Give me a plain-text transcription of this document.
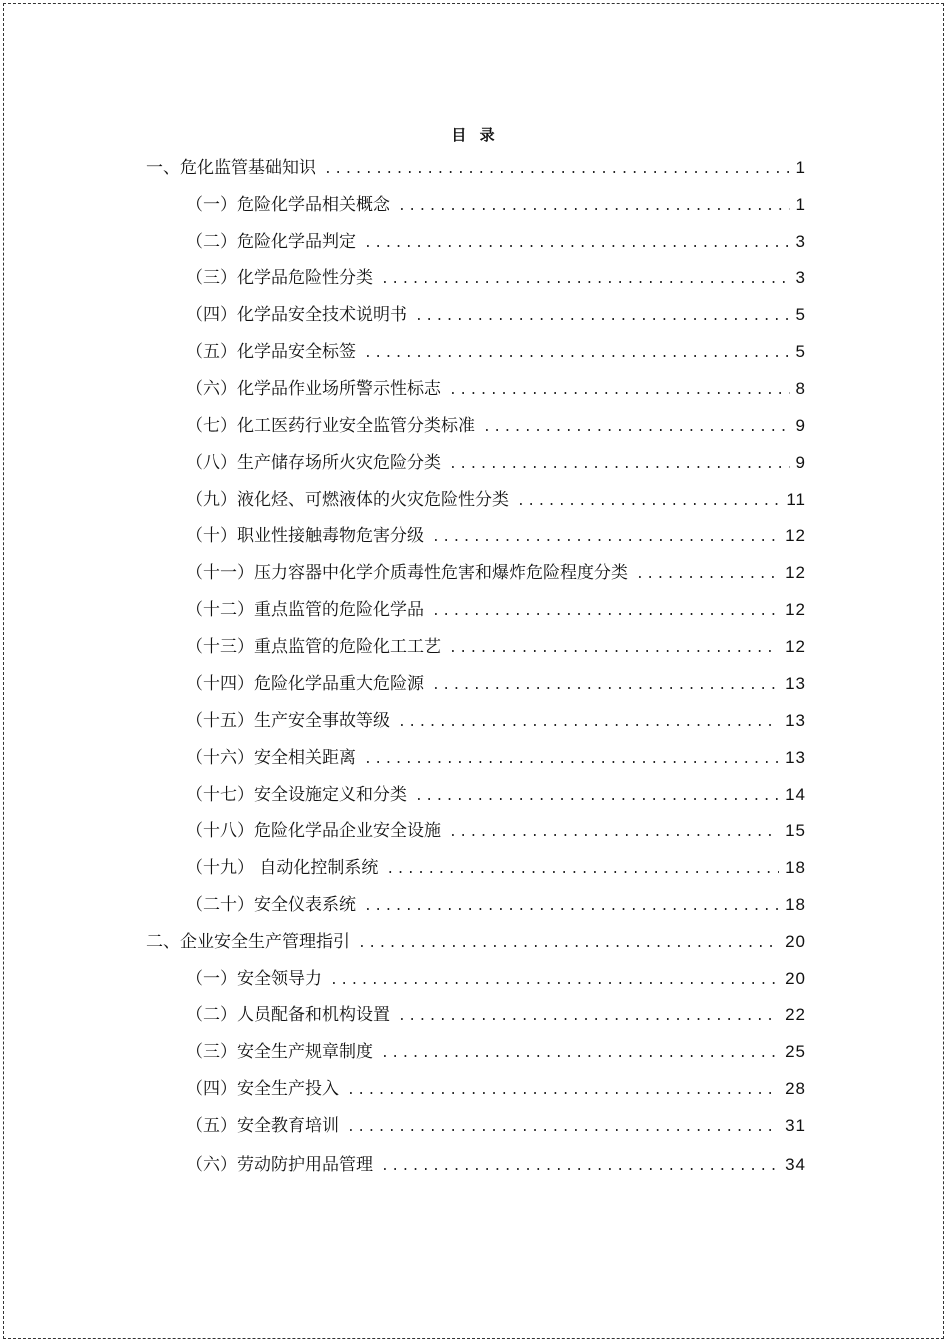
目 录
一、危化监管基础知识 .....	1
（一）危险化学品相关概念 .....	1
（二）危险化学品判定 .....	3
（三）化学品危险性分类 .....	3
（四）化学品安全技术说明书 .....	5
（五）化学品安全标签 .....	5
（六）化学品作业场所警示性标志 .....	8
（七）化工医药行业安全监管分类标准 .....	9
（八）生产储存场所火灾危险分类 .....	9
（九）液化烃、可燃液体的火灾危险性分类 .....	11
（十）职业性接触毒物危害分级 .....	12
（十一）压力容器中化学介质毒性危害和爆炸危险程度分类 .....	12
（十二）重点监管的危险化学品 .....	12
（十三）重点监管的危险化工工艺 .....	12
（十四）危险化学品重大危险源 .....	13
（十五）生产安全事故等级 .....	13
（十六）安全相关距离 .....	13
（十七）安全设施定义和分类 .....	14
（十八）危险化学品企业安全设施 .....	15
（十九） 自动化控制系统 .....	18
（二十）安全仪表系统 .....	18
二、企业安全生产管理指引 .....	20
（一）安全领导力 .....	20
（二）人员配备和机构设置 .....	22
（三）安全生产规章制度 .....	25
（四）安全生产投入 .....	28
（五）安全教育培训 .....	31
（六）劳动防护用品管理 .....	34
